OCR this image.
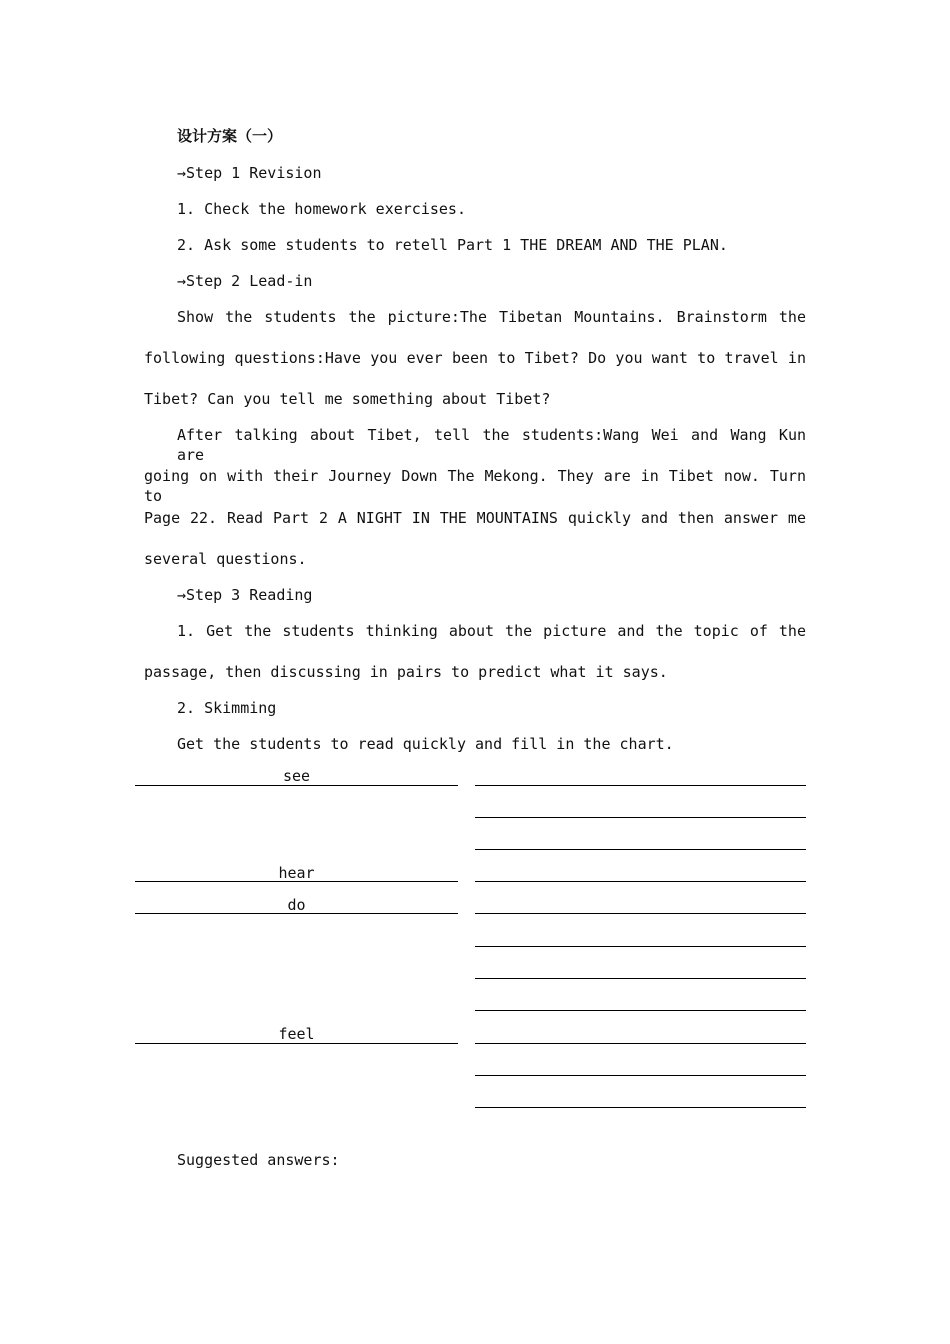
设计方案（一）
→Step 1 Revision
1. Check the homework exercises.
2. Ask some students to retell Part 1 THE DREAM AND THE PLAN.
→Step 2 Lead-in
Show the students the picture:The Tibetan Mountains. Brainstorm the
following questions:Have you ever been to Tibet? Do you want to travel in
Tibet? Can you tell me something about Tibet?
After talking about Tibet, tell the students:Wang Wei and Wang Kun are
going on with their Journey Down The Mekong. They are in Tibet now. Turn to
Page 22. Read Part 2 A NIGHT IN THE MOUNTAINS quickly and then answer me
several questions.
→Step 3 Reading
1. Get the students thinking about the picture and the topic of the
passage, then discussing in pairs to predict what it says.
2. Skimming
Get the students to read quickly and fill in the chart.
see
hear
do
feel
Suggested answers:
